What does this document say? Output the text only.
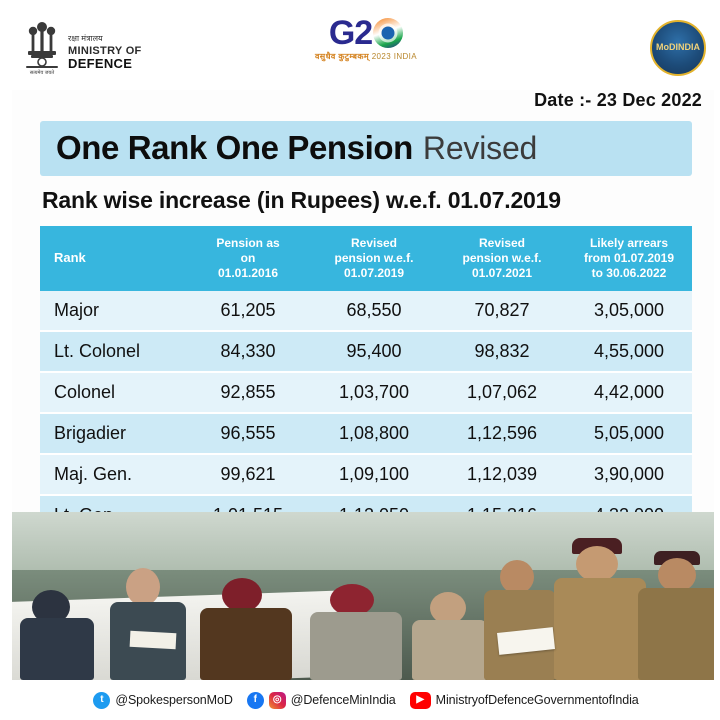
सत्यमेव जयते
रक्षा मंत्रालय
MINISTRY OF
DEFENCE
G2
वसुधैव कुटुम्बकम् 2023 INDIA
MoD INDIA
Date :- 23 Dec 2022
One Rank One Pension Revised
Rank wise increase (in Rupees) w.e.f. 01.07.2019
Rank	Pension as
on
01.01.2016	Revised
pension w.e.f.
01.07.2019	Revised
pension w.e.f.
01.07.2021	Likely arrears
from 01.07.2019
to 30.06.2022
Major	61,205	68,550	70,827	3,05,000
Lt. Colonel	84,330	95,400	98,832	4,55,000
Colonel	92,855	1,03,700	1,07,062	4,42,000
Brigadier	96,555	1,08,800	1,12,596	5,05,000
Maj. Gen.	99,621	1,09,100	1,12,039	3,90,000

t @SpokespersonMoD	f	◎ @DefenceMinIndia	▶ MinistryofDefenceGovernmentofIndia
